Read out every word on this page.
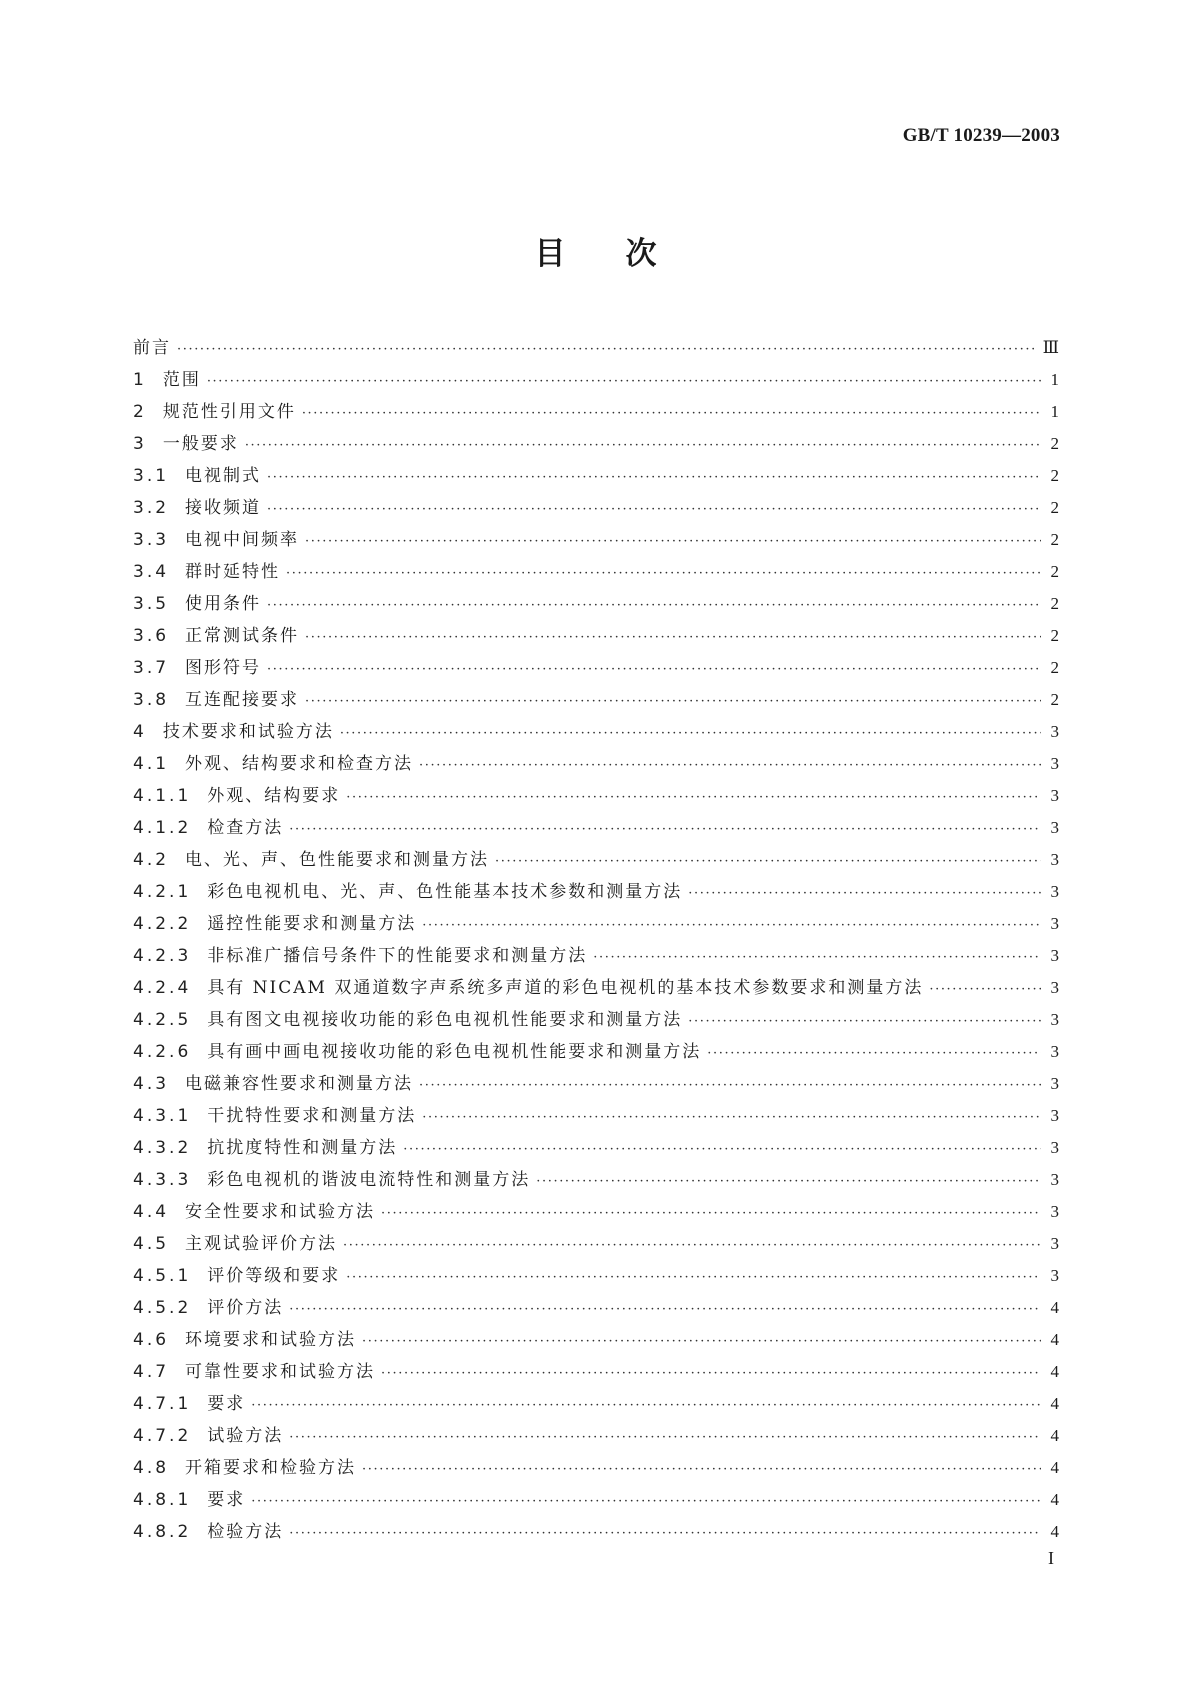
GB/T 10239—2003
目次
前言 ·····	Ⅲ
1 范围 ·····	1
2 规范性引用文件 ·····	1
3 一般要求 ·····	2
3.1 电视制式 ·····	2
3.2 接收频道 ·····	2
3.3 电视中间频率 ·····	2
3.4 群时延特性 ·····	2
3.5 使用条件 ·····	2
3.6 正常测试条件 ·····	2
3.7 图形符号 ·····	2
3.8 互连配接要求 ·····	2
4 技术要求和试验方法 ·····	3
4.1 外观、结构要求和检查方法 ·····	3
4.1.1 外观、结构要求 ·····	3
4.1.2 检查方法 ·····	3
4.2 电、光、声、色性能要求和测量方法 ·····	3
4.2.1 彩色电视机电、光、声、色性能基本技术参数和测量方法 ·····	3
4.2.2 遥控性能要求和测量方法 ·····	3
4.2.3 非标准广播信号条件下的性能要求和测量方法 ·····	3
4.2.4 具有 NICAM 双通道数字声系统多声道的彩色电视机的基本技术参数要求和测量方法 ·····	3
4.2.5 具有图文电视接收功能的彩色电视机性能要求和测量方法 ·····	3
4.2.6 具有画中画电视接收功能的彩色电视机性能要求和测量方法 ·····	3
4.3 电磁兼容性要求和测量方法 ·····	3
4.3.1 干扰特性要求和测量方法 ·····	3
4.3.2 抗扰度特性和测量方法 ·····	3
4.3.3 彩色电视机的谐波电流特性和测量方法 ·····	3
4.4 安全性要求和试验方法 ·····	3
4.5 主观试验评价方法 ·····	3
4.5.1 评价等级和要求 ·····	3
4.5.2 评价方法 ·····	4
4.6 环境要求和试验方法 ·····	4
4.7 可靠性要求和试验方法 ·····	4
4.7.1 要求 ·····	4
4.7.2 试验方法 ·····	4
4.8 开箱要求和检验方法 ·····	4
4.8.1 要求 ·····	4
4.8.2 检验方法 ·····	4
I
